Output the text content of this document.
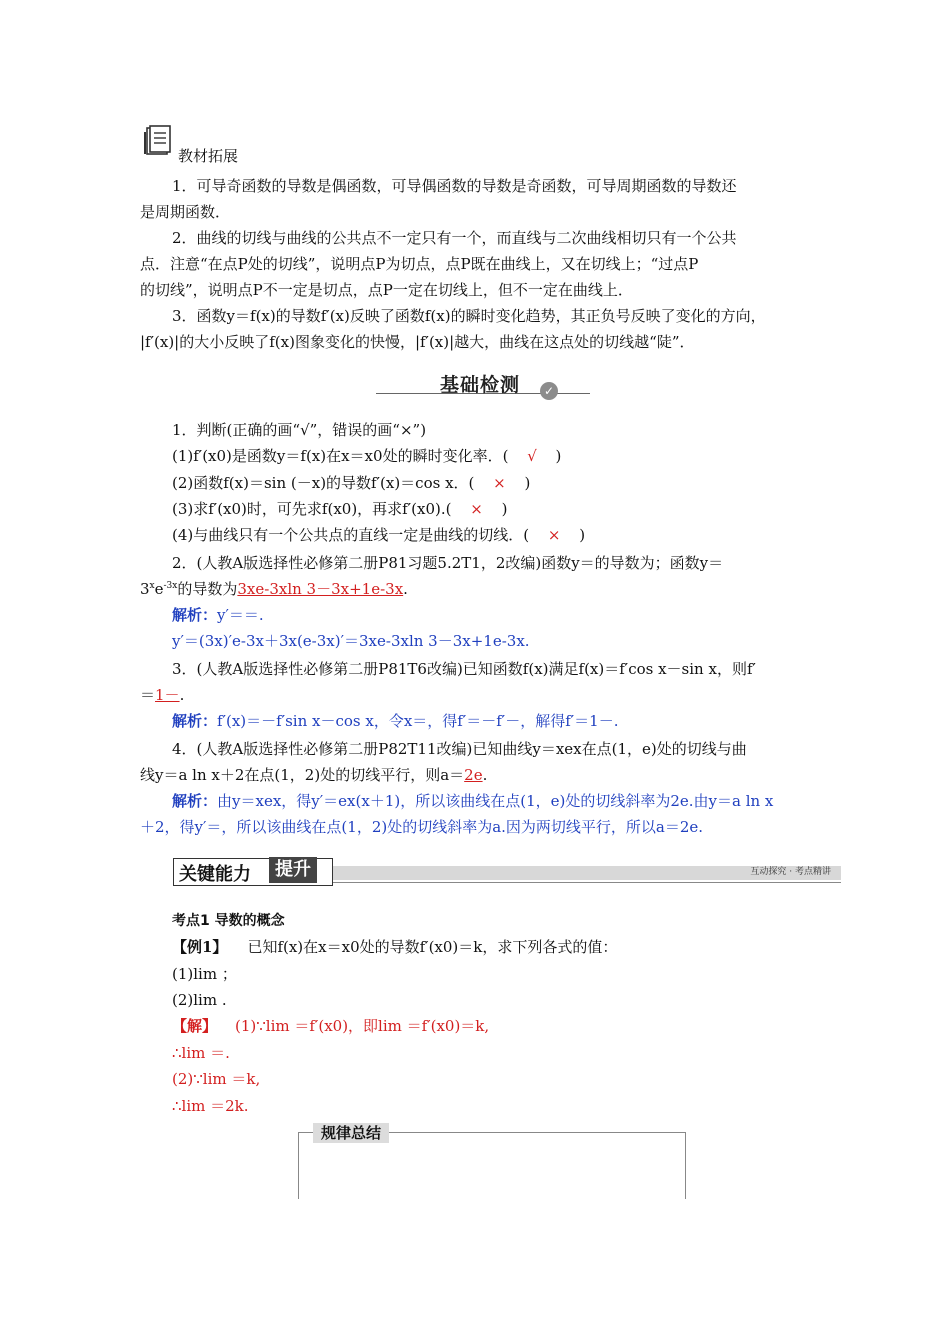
教材拓展
1．可导奇函数的导数是偶函数，可导偶函数的导数是奇函数，可导周期函数的导数还
是周期函数．
2．曲线的切线与曲线的公共点不一定只有一个，而直线与二次曲线相切只有一个公共
点．注意“在点P处的切线”，说明点P为切点，点P既在曲线上，又在切线上；“过点P
的切线”，说明点P不一定是切点，点P一定在切线上，但不一定在曲线上．
3．函数y＝f(x)的导数f′(x)反映了函数f(x)的瞬时变化趋势，其正负号反映了变化的方向，
|f′(x)|的大小反映了f(x)图象变化的快慢，|f′(x)|越大，曲线在这点处的切线越“陡”．
基础检测	✓
1．判断(正确的画“√”，错误的画“×”)
(1)f′(x0)是函数y＝f(x)在x＝x0处的瞬时变化率．( √ )
(2)函数f(x)＝sin (－x)的导数f′(x)＝cos x．( × )
(3)求f′(x0)时，可先求f(x0)，再求f′(x0).( × )
(4)与曲线只有一个公共点的直线一定是曲线的切线．( × )
2．(人教A版选择性必修第二册P81习题5.2T1，2改编)函数y＝的导数为；函数y＝
$3^xe^{-3x}$的导数为3xe-3xln 3－3x+1e-3x.
解析：y′＝＝.
y′＝(3x)′e-3x＋3x(e-3x)′＝3xe-3xln 3－3x+1e-3x.
3．(人教A版选择性必修第二册P81T6改编)已知函数f(x)满足f(x)＝f′cos x－sin x，则f′
＝1－.
解析：f′(x)＝－f′sin x－cos x，令x＝，得f′＝－f′－，解得f′＝1－.
4．(人教A版选择性必修第二册P82T11改编)已知曲线y＝xex在点(1，e)处的切线与曲
线y＝a ln x＋2在点(1，2)处的切线平行，则a＝2e.
解析：由y＝xex，得y′＝ex(x＋1)，所以该曲线在点(1，e)处的切线斜率为2e.由y＝a ln x
＋2，得y′＝，所以该曲线在点(1，2)处的切线斜率为a.因为两切线平行，所以a＝2e.
关键能力	提升	互动探究 · 考点精讲
考点1 导数的概念
【例1】 已知f(x)在x＝x0处的导数f′(x0)＝k，求下列各式的值：
(1)lim ；
(2)lim .
【解】 (1)∵lim ＝f′(x0)，即lim ＝f′(x0)＝k,
∴lim ＝.
(2)∵lim ＝k,
∴lim ＝2k.
规律总结
